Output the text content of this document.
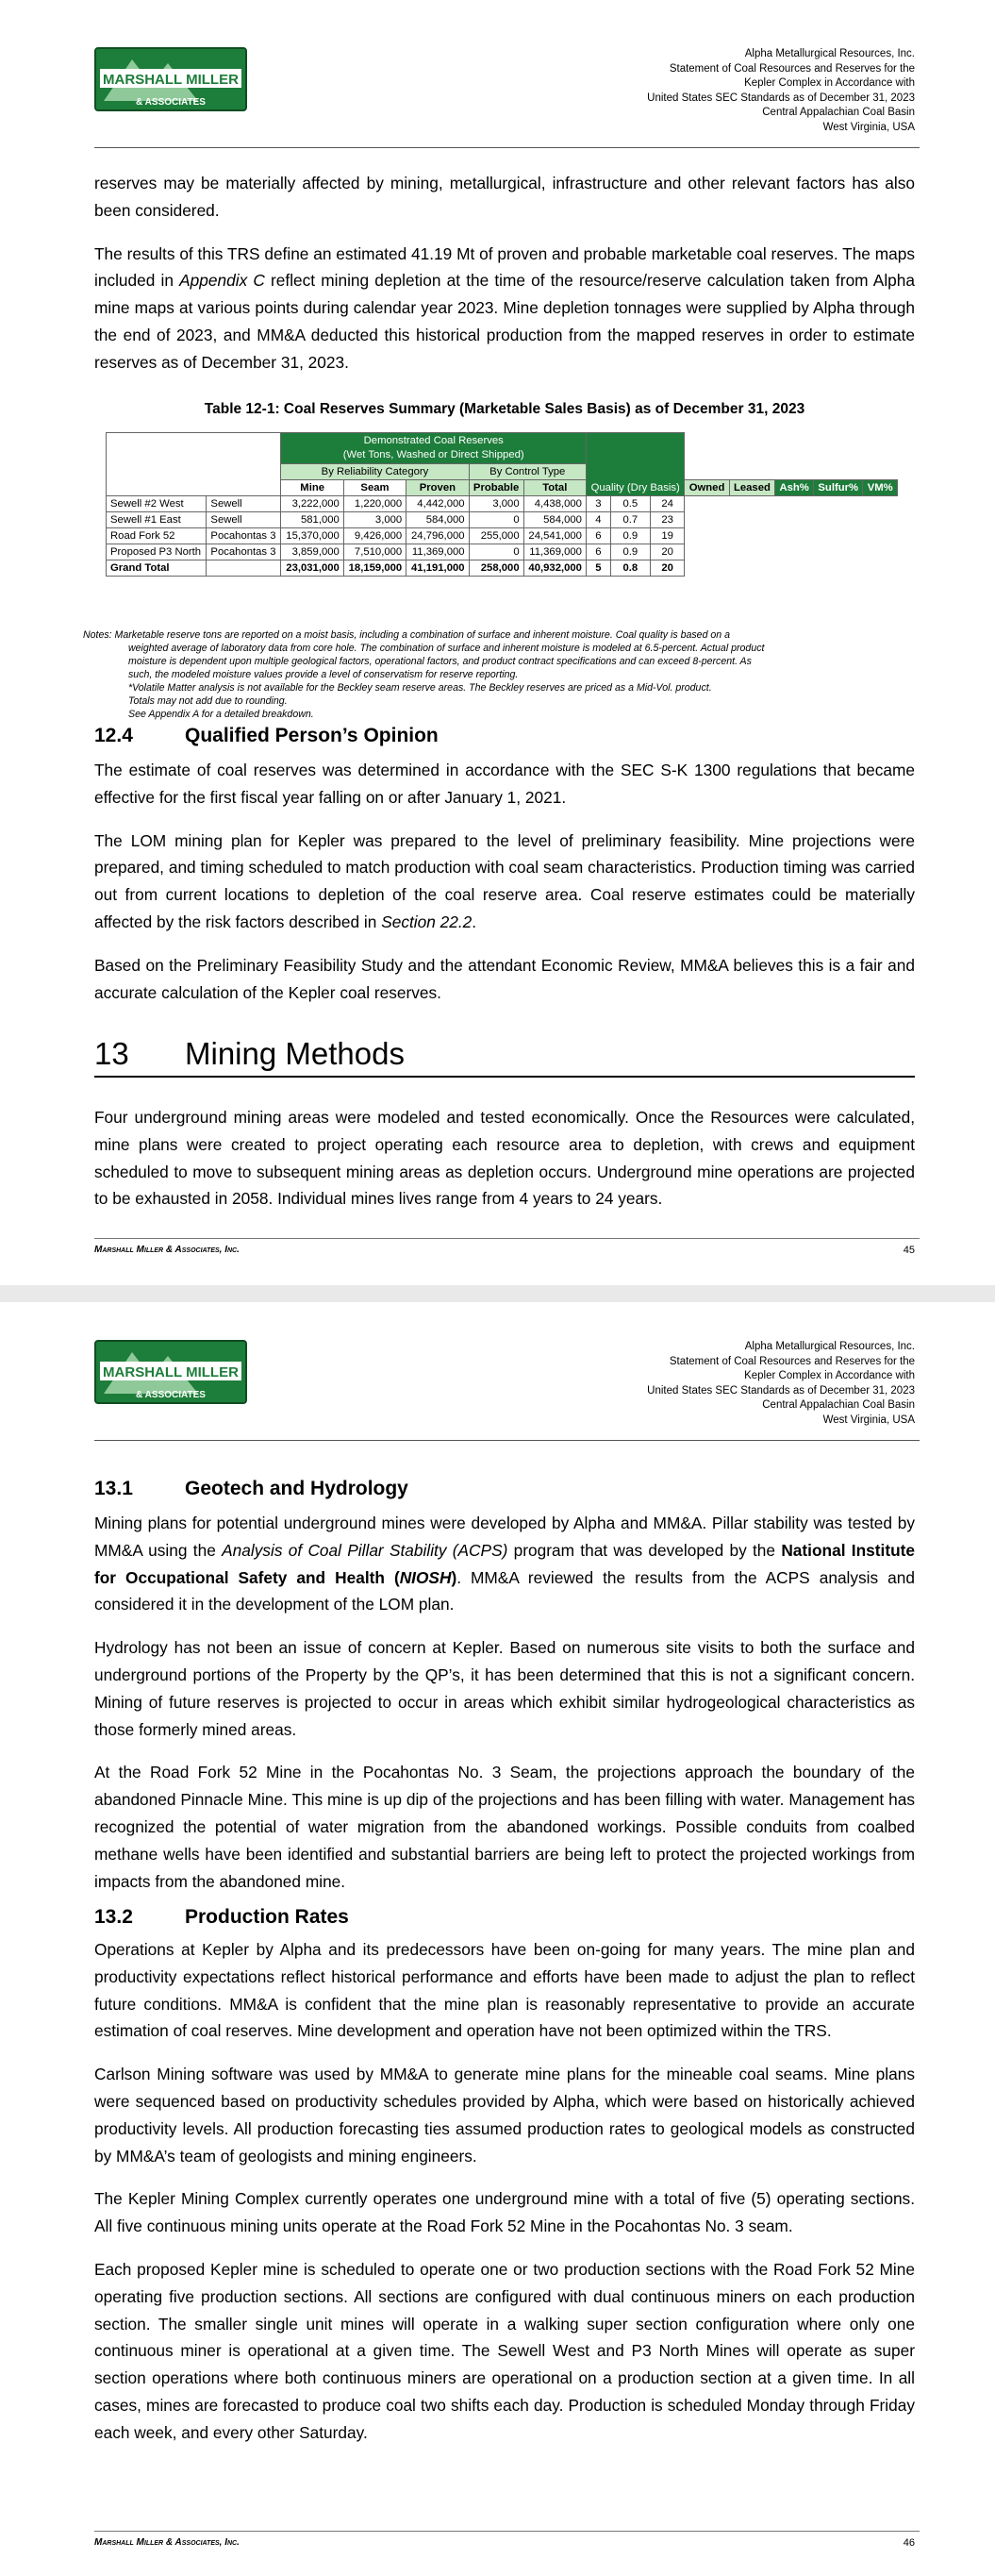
MARSHALL MILLER
& ASSOCIATES
Alpha Metallurgical Resources, Inc.
Statement of Coal Resources and Reserves for the
Kepler Complex in Accordance with
United States SEC Standards as of December 31, 2023
Central Appalachian Coal Basin
West Virginia, USA

reserves may be materially affected by mining, metallurgical, infrastructure and other relevant factors has also been considered.

The results of this TRS define an estimated 41.19 Mt of proven and probable marketable coal reserves. The maps included in Appendix C reflect mining depletion at the time of the resource/reserve calculation taken from Alpha mine maps at various points during calendar year 2023. Mine depletion tonnages were supplied by Alpha through the end of 2023, and MM&A deducted this historical production from the mapped reserves in order to estimate reserves as of December 31, 2023.

Table 12-1: Coal Reserves Summary (Marketable Sales Basis) as of December 31, 2023
		Demonstrated Coal Reserves
(Wet Tons, Washed or Direct Shipped)					Quality (Dry Basis)							
		By Reliability Category			By Control Type									
		Mine	Seam	Proven	Probable	Total				Owned	Leased	Ash%	Sulfur%	VM%
Sewell #2 West	Sewell	3,222,000	1,220,000	4,442,000	3,000	4,438,000	3	0.5	24					
Sewell #1 East	Sewell	581,000	3,000	584,000	0	584,000	4	0.7	23					
Road Fork 52	Pocahontas 3	15,370,000	9,426,000	24,796,000	255,000	24,541,000	6	0.9	19					
Proposed P3 North	Pocahontas 3	3,859,000	7,510,000	11,369,000	0	11,369,000	6	0.9	20					
Grand Total		23,031,000	18,159,000	41,191,000	258,000	40,932,000	5	0.8	20					
Notes: Marketable reserve tons are reported on a moist basis, including a combination of surface and inherent moisture. Coal quality is based on a
weighted average of laboratory data from core hole. The combination of surface and inherent moisture is modeled at 6.5-percent. Actual product
moisture is dependent upon multiple geological factors, operational factors, and product contract specifications and can exceed 8-percent. As
such, the modeled moisture values provide a level of conservatism for reserve reporting.
*Volatile Matter analysis is not available for the Beckley seam reserve areas. The Beckley reserves are priced as a Mid-Vol. product.
Totals may not add due to rounding.
See Appendix A for a detailed breakdown.
12.4	Qualified Person’s Opinion

The estimate of coal reserves was determined in accordance with the SEC S-K 1300 regulations that became effective for the first fiscal year falling on or after January 1, 2021.

The LOM mining plan for Kepler was prepared to the level of preliminary feasibility. Mine projections were prepared, and timing scheduled to match production with coal seam characteristics. Production timing was carried out from current locations to depletion of the coal reserve area. Coal reserve estimates could be materially affected by the risk factors described in Section 22.2.

Based on the Preliminary Feasibility Study and the attendant Economic Review, MM&A believes this is a fair and accurate calculation of the Kepler coal reserves.

13 Mining Methods

Four underground mining areas were modeled and tested economically. Once the Resources were calculated, mine plans were created to project operating each resource area to depletion, with crews and equipment scheduled to move to subsequent mining areas as depletion occurs. Underground mine operations are projected to be exhausted in 2058. Individual mines lives range from 4 years to 24 years.

Marshall Miller & Associates, Inc.	45
MARSHALL MILLER
& ASSOCIATES
Alpha Metallurgical Resources, Inc.
Statement of Coal Resources and Reserves for the
Kepler Complex in Accordance with
United States SEC Standards as of December 31, 2023
Central Appalachian Coal Basin
West Virginia, USA
13.1	Geotech and Hydrology

Mining plans for potential underground mines were developed by Alpha and MM&A. Pillar stability was tested by MM&A using the Analysis of Coal Pillar Stability (ACPS) program that was developed by the National Institute for Occupational Safety and Health (NIOSH). MM&A reviewed the results from the ACPS analysis and considered it in the development of the LOM plan.

Hydrology has not been an issue of concern at Kepler. Based on numerous site visits to both the surface and underground portions of the Property by the QP’s, it has been determined that this is not a significant concern. Mining of future reserves is projected to occur in areas which exhibit similar hydrogeological characteristics as those formerly mined areas.

At the Road Fork 52 Mine in the Pocahontas No. 3 Seam, the projections approach the boundary of the abandoned Pinnacle Mine. This mine is up dip of the projections and has been filling with water. Management has recognized the potential of water migration from the abandoned workings. Possible conduits from coalbed methane wells have been identified and substantial barriers are being left to protect the projected workings from impacts from the abandoned mine.

13.2	Production Rates

Operations at Kepler by Alpha and its predecessors have been on-going for many years. The mine plan and productivity expectations reflect historical performance and efforts have been made to adjust the plan to reflect future conditions. MM&A is confident that the mine plan is reasonably representative to provide an accurate estimation of coal reserves. Mine development and operation have not been optimized within the TRS.

Carlson Mining software was used by MM&A to generate mine plans for the mineable coal seams. Mine plans were sequenced based on productivity schedules provided by Alpha, which were based on historically achieved productivity levels. All production forecasting ties assumed production rates to geological models as constructed by MM&A’s team of geologists and mining engineers.

The Kepler Mining Complex currently operates one underground mine with a total of five (5) operating sections. All five continuous mining units operate at the Road Fork 52 Mine in the Pocahontas No. 3 seam.

Each proposed Kepler mine is scheduled to operate one or two production sections with the Road Fork 52 Mine operating five production sections. All sections are configured with dual continuous miners on each production section. The smaller single unit mines will operate in a walking super section configuration where only one continuous miner is operational at a given time. The Sewell West and P3 North Mines will operate as super section operations where both continuous miners are operational on a production section at a given time. In all cases, mines are forecasted to produce coal two shifts each day. Production is scheduled Monday through Friday each week, and every other Saturday.

Marshall Miller & Associates, Inc.	46
